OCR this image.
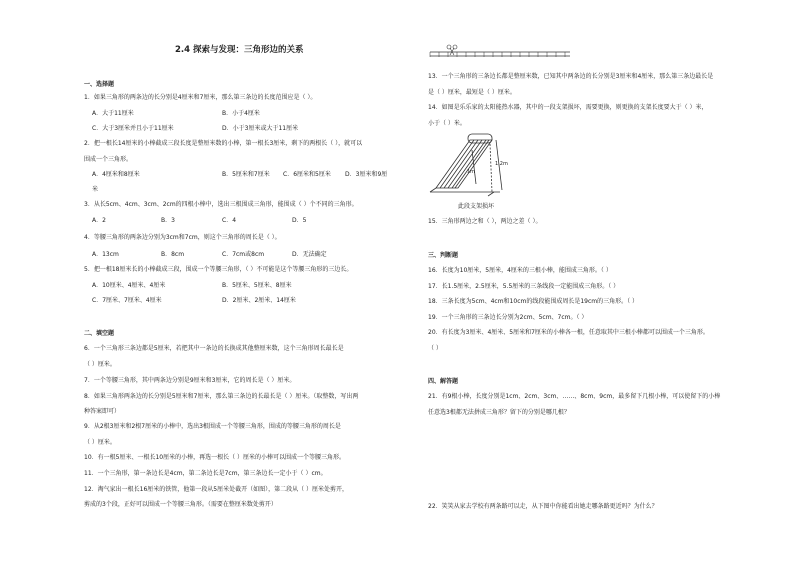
2.4 探索与发现：三角形边的关系
一、选择题
1．如果三角形的两条边的长分别是4厘米和7厘米，那么第三条边的长度范围应是（ ）。
A．大于11厘米	B．小于4厘米
C．大于3厘米并且小于11厘米	D．小于3厘米或大于11厘米
2．把一根长14厘米的小棒截成三段长度是整厘米数的小棒，第一根长3厘米，剩下的两根长（ ），就可以
围成一个三角形。
A．4厘米和8厘米	B．5厘米和7厘米 C．6厘米和5厘米 D．3厘米和9厘
米
3．从长5cm、4cm、3cm、2cm的四根小棒中，选出三根围成三角形，能围成（ ）个不同的三角形。
A．2	B．3	C．4	D．5
4．等腰三角形的两条边分别为3cm和7cm，则这个三角形的周长是（ ）。
A．13cm	B．8cm	C．7cm或8cm	D．无法确定
5．把一根18厘米长的小棒截成三段，围成一个等腰三角形，（ ）不可能是这个等腰三角形的三边长。
A．10厘米、4厘米、4厘米	B．5厘米、5厘米、8厘米
C．7厘米、7厘米、4厘米	D．2厘米、2厘米、14厘米
二、填空题
6．一个三角形三条边都是5厘米，若把其中一条边的长换成其他整厘米数，这个三角形周长最长是
（ ）厘米。
7．一个等腰三角形，其中两条边分别是9厘米和3厘米，它的周长是（ ）厘米。
8．如果三角形两条边的长分别是5厘米和7厘米，那么第三条边的长最长是（ ）厘米。（取整数，写出两
种答案即可）
9．从2根3厘米和2根7厘米的小棒中，选出3根围成一个等腰三角形，围成的等腰三角形的周长是
（ ）厘米。
10．有一根5厘米、一根长10厘米的小棒，再选一根长（ ）厘米的小棒可以围成一个等腰三角形。
11．一个三角形，第一条边长是4cm，第二条边长是7cm，第三条边长一定小于（ ）cm。
12．淘气家出一根长16厘米的铁管，他第一段从5厘米处截开（如图），第二段从（ ）厘米处剪开，
剪成的3个段，正好可以围成一个等腰三角形。（需要在整厘米数处剪开）
13．一个三角形的三条边长都是整厘米数，已知其中两条边的长分别是3厘米和4厘米，那么第三条边最长是
是（ ）厘米，最短是（ ）厘米。
14．如图是乐乐家的太阳能热水器，其中的一段支架损坏，需要更换，则更换的支架长度要大于（ ）米，
小于（ ）米。
1.2m
1m
此段支架损坏
15．三角形两边之和（ ），两边之差（ ）。
三、判断题
16．长度为10厘米，5厘米，4厘米的三根小棒，能围成三角形。（ ）
17．长1.5厘米，2.5厘米，5.5厘米的三条线段一定能围成三角形。（ ）
18．三条长度为5cm、4cm和10cm的线段能围成周长是19cm的三角形。（ ）
19．一个三角形的三条边长分别为2cm、5cm、7cm。（ ）
20．有长度为3厘米、4厘米、5厘米和7厘米的小棒各一根，任意取其中三根小棒都可以围成一个三角形。
（ ）
四、解答题
21．有9根小棒，长度分别是1cm、2cm、3cm、……、8cm、9cm，最多留下几根小棒，可以使留下的小棒
任意选3根都无法拼成三角形？留下的分别是哪几根？
22．笑笑从家去学校有两条路可以走，从下图中你能看出她走哪条路更近吗？为什么？
